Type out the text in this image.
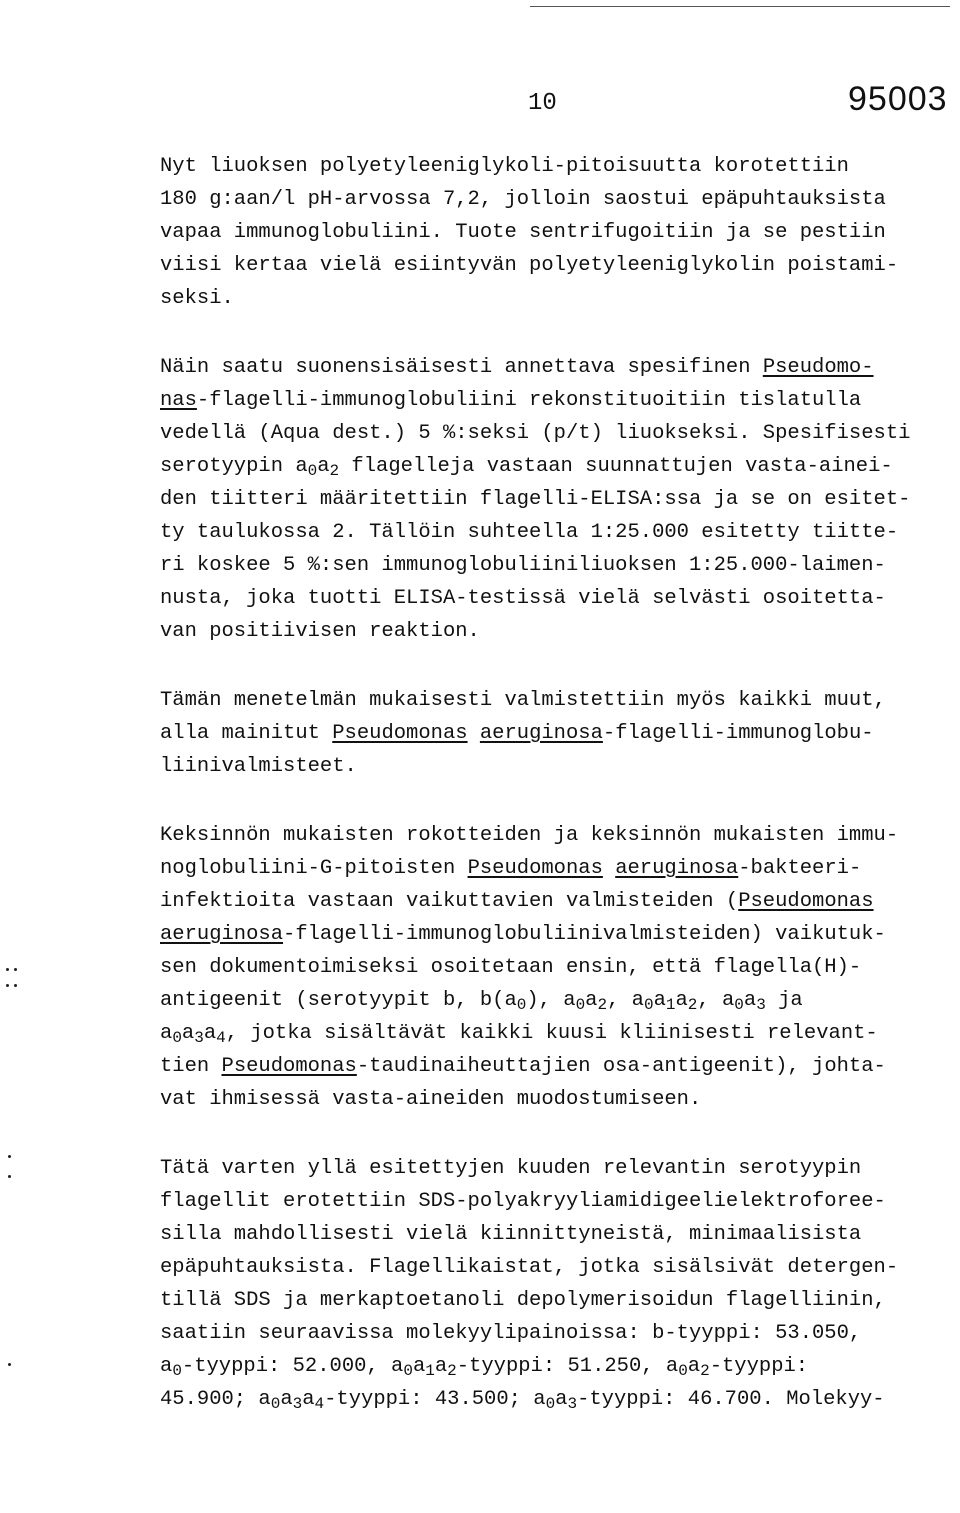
10	95003
Nyt liuoksen polyetyleeniglykoli-pitoisuutta korotettiin
180 g:aan/l pH-arvossa 7,2, jolloin saostui epäpuhtauksista
vapaa immunoglobuliini. Tuote sentrifugoitiin ja se pestiin
viisi kertaa vielä esiintyvän polyetyleeniglykolin poistami-
seksi.
Näin saatu suonensisäisesti annettava spesifinen Pseudomo-
nas-flagelli-immunoglobuliini rekonstituoitiin tislatulla
vedellä (Aqua dest.) 5 %:seksi (p/t) liuokseksi. Spesifisesti
serotyypin $a_0a_2$ flagelleja vastaan suunnattujen vasta-ainei-
den tiitteri määritettiin flagelli-ELISA:ssa ja se on esitet-
ty taulukossa 2. Tällöin suhteella 1:25.000 esitetty tiitte-
ri koskee 5 %:sen immunoglobuliiniliuoksen 1:25.000-laimen-
nusta, joka tuotti ELISA-testissä vielä selvästi osoitetta-
van positiivisen reaktion.
Tämän menetelmän mukaisesti valmistettiin myös kaikki muut,
alla mainitut Pseudomonas aeruginosa-flagelli-immunoglobu-
liinivalmisteet.
Keksinnön mukaisten rokotteiden ja keksinnön mukaisten immu-
noglobuliini-G-pitoisten Pseudomonas aeruginosa-bakteeri-
infektioita vastaan vaikuttavien valmisteiden (Pseudomonas
aeruginosa-flagelli-immunoglobuliinivalmisteiden) vaikutuk-
sen dokumentoimiseksi osoitetaan ensin, että flagella(H)-
antigeenit (serotyypit b, $b(a_0)$, $a_0a_2$, $a_0a_1a_2$, $a_0a_3$ ja
$a_0a_3a_4$, jotka sisältävät kaikki kuusi kliinisesti relevant-
tien Pseudomonas-taudinaiheuttajien osa-antigeenit), johta-
vat ihmisessä vasta-aineiden muodostumiseen.
Tätä varten yllä esitettyjen kuuden relevantin serotyypin
flagellit erotettiin SDS-polyakryyliamidigeelielektroforee-
silla mahdollisesti vielä kiinnittyneistä, minimaalisista
epäpuhtauksista. Flagellikaistat, jotka sisälsivät detergen-
tillä SDS ja merkaptoetanoli depolymerisoidun flagelliinin,
saatiin seuraavissa molekyylipainoissa: b-tyyppi: 53.050,
$a_0$-tyyppi: 52.000, $a_0a_1a_2$-tyyppi: 51.250, $a_0a_2$-tyyppi:
45.900; $a_0a_3a_4$-tyyppi: 43.500; $a_0a_3$-tyyppi: 46.700. Molekyy-
